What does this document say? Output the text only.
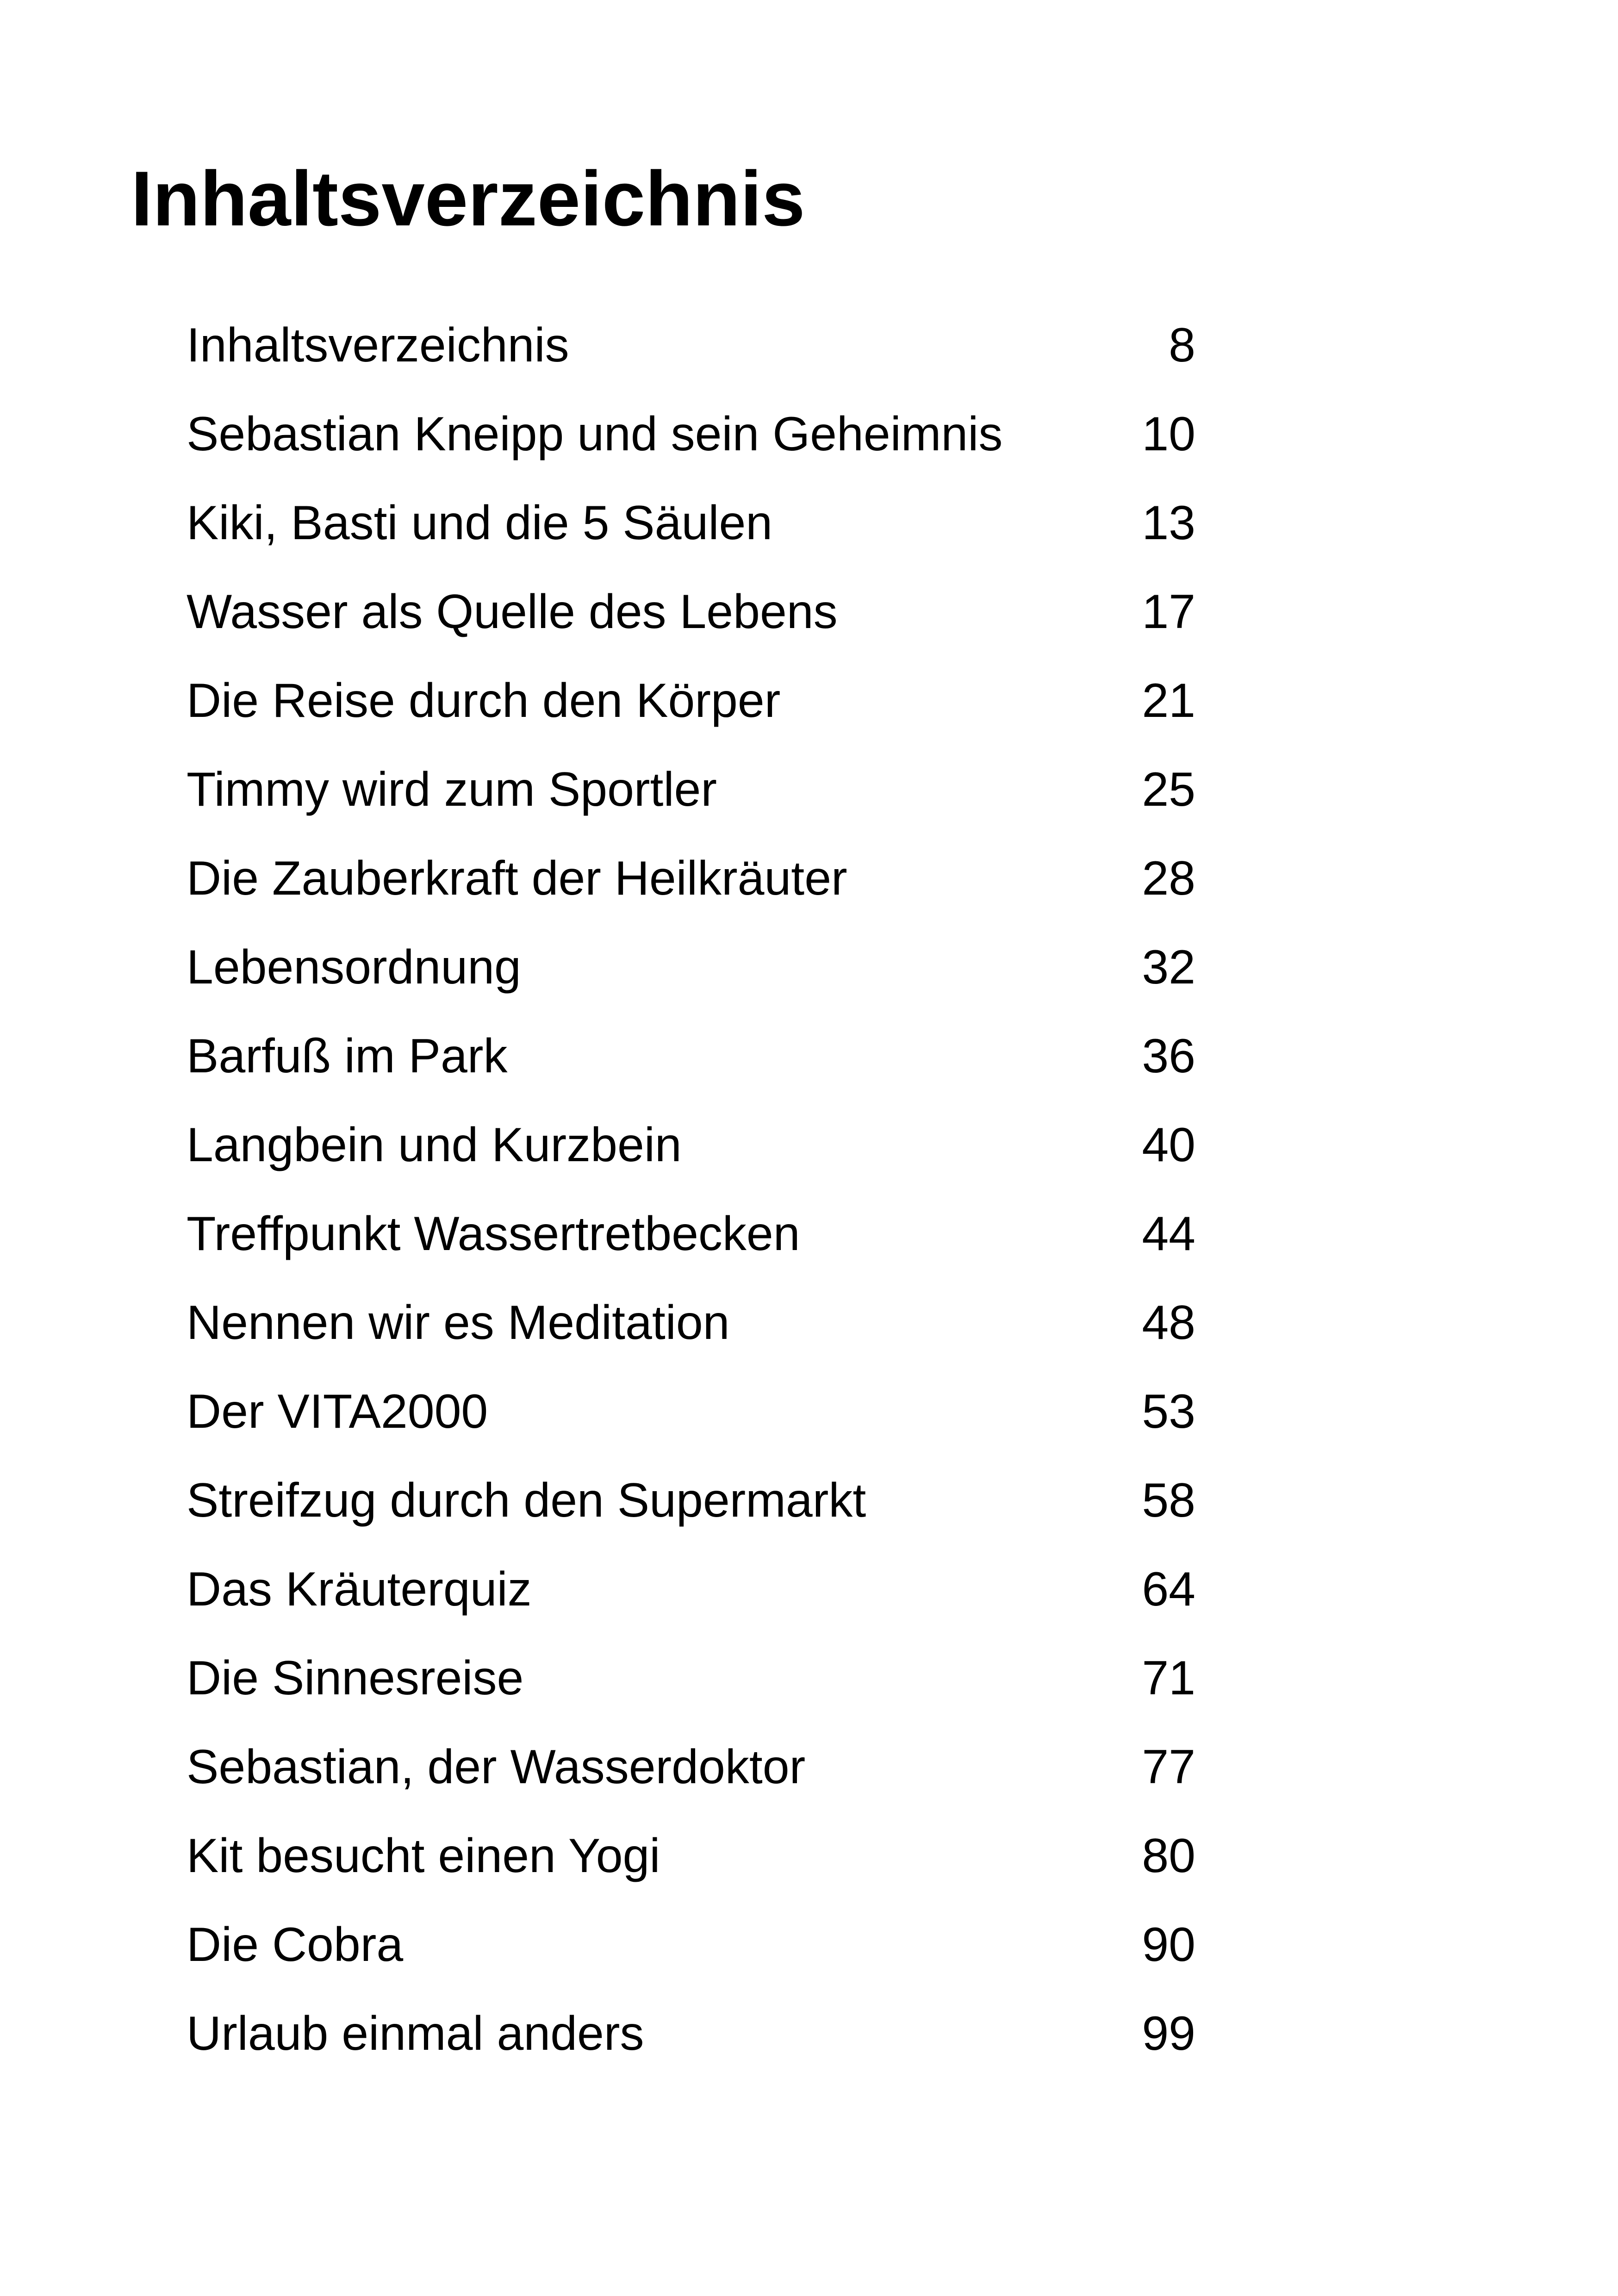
Inhaltsverzeichnis
Inhaltsverzeichnis	8
Sebastian Kneipp und sein Geheimnis	10
Kiki, Basti und die 5 Säulen	13
Wasser als Quelle des Lebens	17
Die Reise durch den Körper	21
Timmy wird zum Sportler	25
Die Zauberkraft der Heilkräuter	28
Lebensordnung	32
Barfuß im Park	36
Langbein und Kurzbein	40
Treffpunkt Wassertretbecken	44
Nennen wir es Meditation	48
Der VITA2000	53
Streifzug durch den Supermarkt	58
Das Kräuterquiz	64
Die Sinnesreise	71
Sebastian, der Wasserdoktor	77
Kit besucht einen Yogi	80
Die Cobra	90
Urlaub einmal anders	99
